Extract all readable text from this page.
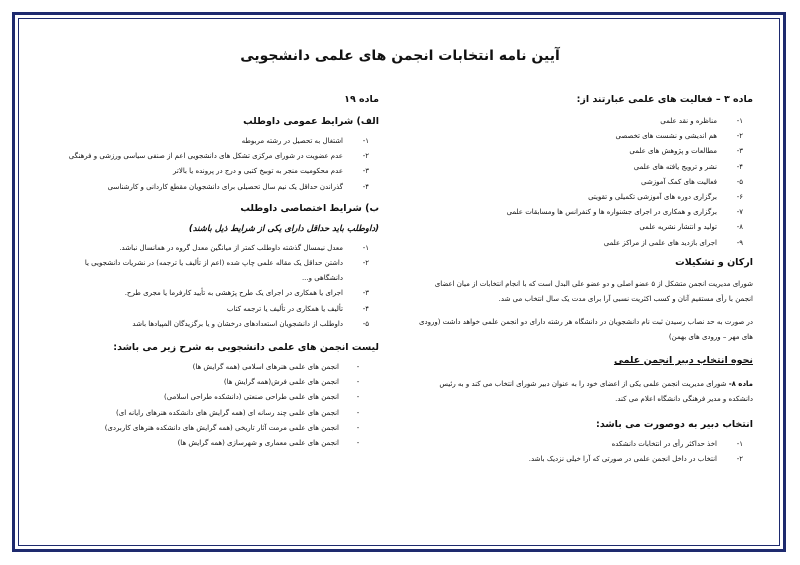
آیین نامه انتخابات انجمن های علمی دانشجویی
ماده ۳ – فعالیت های علمی عبارتند از:
۱-
مناظره و نقد علمی
۲-
هم اندیشی و نشست های تخصصی
۳-
مطالعات و پژوهش های علمی
۴-
نشر و ترویج یافته های علمی
۵-
فعالیت های کمک آموزشی
۶-
برگزاری دوره های آموزشی تکمیلی و تقویتی
۷-
برگزاری و همکاری در اجرای جشنواره ها و کنفرانس ها ومسابقات علمی
۸-
تولید و انتشار نشریه علمی
۹-
اجرای بازدید های علمی از مراکز علمی
ارکان و تشکیلات
شورای مدیریت انجمن متشکل از ۵ عضو اصلی و دو عضو علی البدل است که با انجام انتخابات از میان اعضای انجمن با رأی مستقیم آنان و کسب اکثریت نسبی آرا برای مدت یک سال انتخاب می شد.
در صورت به حد نصاب رسیدن ثبت نام دانشجویان در دانشگاه هر رشته دارای دو انجمن علمی خواهد داشت (ورودی های مهر – ورودی های بهمن)
نحوه انتخاب دبیر انجمن علمی
ماده ۸- شورای مدیریت انجمن علمی یکی از اعضای خود را به عنوان دبیر شورای انتخاب می کند و به رئیس دانشکده و مدیر فرهنگی دانشگاه اعلام می کند.
انتخاب دبیر به دوصورت می باشد:
۱-
اخذ حداکثر رأی در انتخابات دانشکده
۲-
انتخاب در داخل انجمن علمی در صورتی که آرا خیلی نزدیک باشد.
ماده ۱۹
الف) شرایط عمومی داوطلب
۱-
اشتغال به تحصیل در رشته مربوطه
۲-
عدم عضویت در شورای مرکزی تشکل های دانشجویی اعم از صنفی سیاسی ورزشی و فرهنگی
۳-
عدم محکومیت منجر به توبیخ کتبی و درج در پرونده یا بالاتر
۴-
گذراندن حداقل یک نیم سال تحصیلی برای دانشجویان مقطع کاردانی و کارشناسی
ب) شرایط اختصاصی داوطلب
(داوطلب باید حداقل دارای یکی از شرایط ذیل باشند)
۱-
معدل نیمسال گذشته داوطلب کمتر از میانگین معدل گروه در همانسال نباشد.
۲-
داشتن حداقل یک مقاله علمی چاپ شده (اعم از تألیف یا ترجمه) در نشریات دانشجویی یا دانشگاهی و...
۳-
اجرای یا همکاری در اجرای یک طرح پژهشی به تأیید کارفرما یا مجری طرح.
۴-
تألیف یا همکاری در تألیف یا ترجمه کتاب
۵-
داوطلب از دانشجویان استعدادهای درخشان و یا برگزیدگان المپیادها باشد
لیست انجمن های علمی دانشجویی به شرح زیر می باشد:
-
انجمن های علمی هنرهای اسلامی (همه گرایش ها)
-
انجمن های علمی فرش(همه گرایش ها)
-
انجمن های علمی طراحی صنعتی (دانشکده طراحی اسلامی)
-
انجمن های علمی چند رسانه ای (همه گرایش های دانشکده هنرهای رایانه ای)
-
انجمن های علمی مرمت آثار تاریخی (همه گرایش های دانشکده هنرهای کاربردی)
-
انجمن های علمی معماری و شهرسازی (همه گرایش ها)
